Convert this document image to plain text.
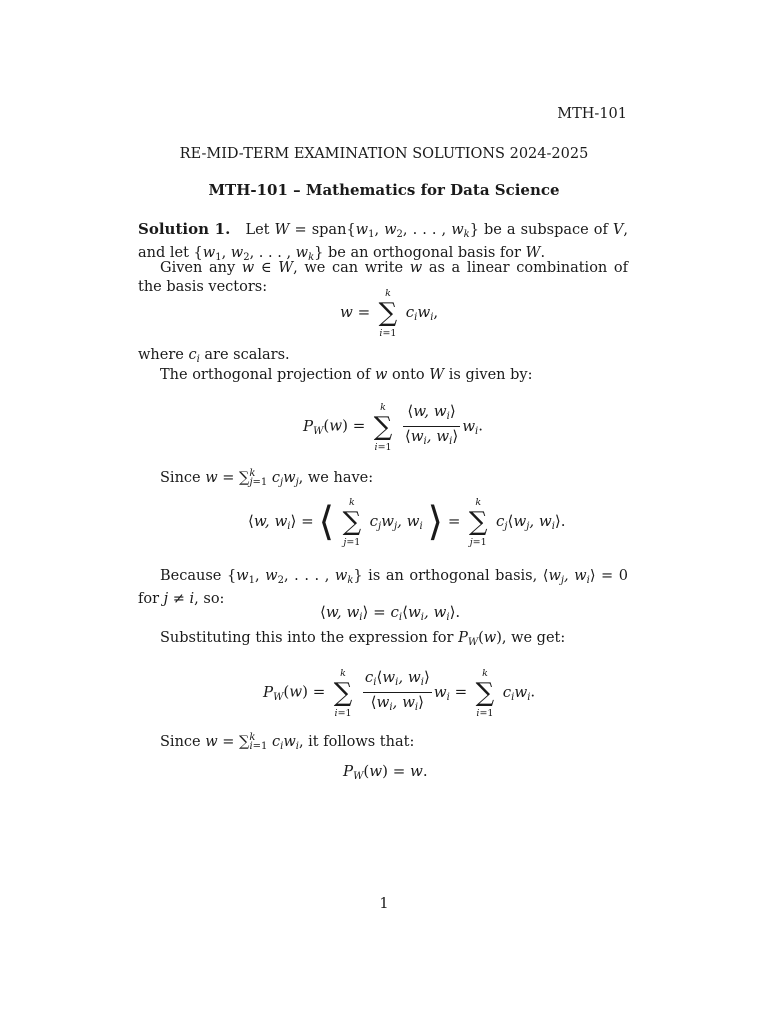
MTH-101
RE-MID-TERM EXAMINATION SOLUTIONS 2024-2025
MTH-101 – Mathematics for Data Science
Solution 1.   Let $W = span\{w_1$, $w_2$, . . . , $w_k$} be a subspace of V, and let {$w_1$, $w_2$, . . . , $w_k$} be an orthogonal basis for W.
Given any w ∈ W, we can write w as a linear combination of the basis vectors:
w =
k
∑
i=1
$c_iw_i$,
where $c_i$ are scalars.
The orthogonal projection of w onto W is given by:
$P_W(w)$ =
k
∑
i=1
$\frac{⟨w, w_i⟩}{⟨w_i, w_i⟩} w_i$.
Since w = ∑$^k_{j=1}$ $c_jw_j$, we have:
⟨w, $w_i⟩$ = ⟨	k
∑
j=1
$c_jw_j$, $w_i$ ⟩ =
k
∑
j=1
$c_j⟨w_j$, $w_i⟩$.
Because {$w_1$, $w_2$, . . . , $w_k$} is an orthogonal basis, $⟨w_j$, $w_i⟩ = 0$ for j ≠ i, so:
⟨w, $w_i⟩$ = $c_i⟨w_i$, $w_i⟩$.
Substituting this into the expression for $P_W(w)$, we get:
$P_W(w)$ =
k
∑
i=1
$\frac{c_i⟨w_i, w_i⟩}{⟨w_i, w_i⟩} w_i$ =
k
∑
i=1
$c_iw_i$.
Since w = ∑$^k_{i=1}$ $c_iw_i$, it follows that:
$P_W(w) = w$.
1
